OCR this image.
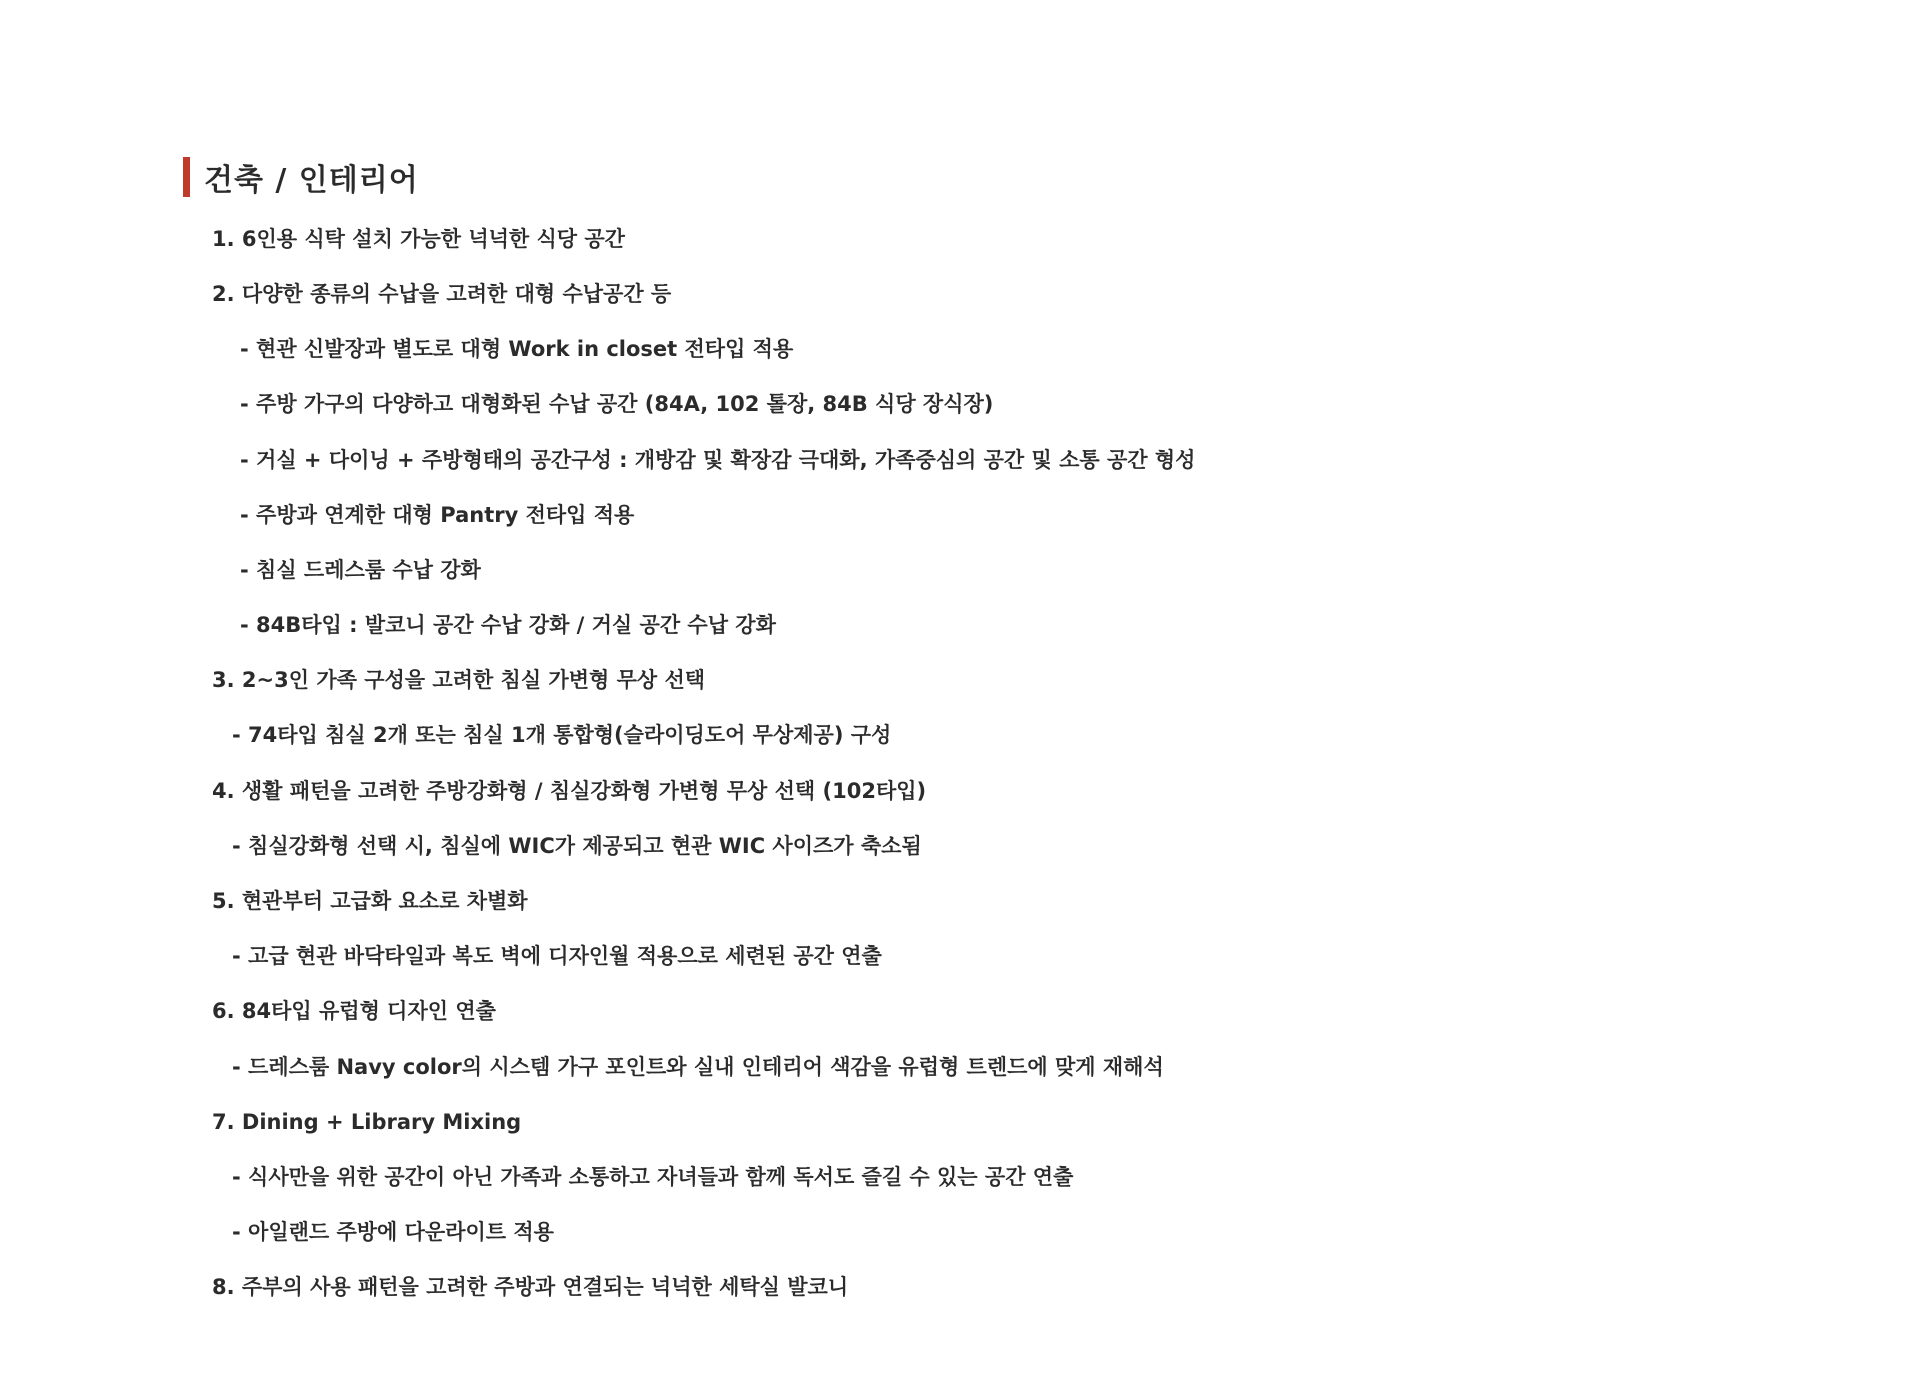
건축 / 인테리어
1. 6인용 식탁 설치 가능한 넉넉한 식당 공간
2. 다양한 종류의 수납을 고려한 대형 수납공간 등
- 현관 신발장과 별도로 대형 Work in closet 전타입 적용
- 주방 가구의 다양하고 대형화된 수납 공간 (84A, 102 톨장, 84B 식당 장식장)
- 거실 + 다이닝 + 주방형태의 공간구성 : 개방감 및 확장감 극대화, 가족중심의 공간 및 소통 공간 형성
- 주방과 연계한 대형 Pantry 전타입 적용
- 침실 드레스룸 수납 강화
- 84B타입 : 발코니 공간 수납 강화 / 거실 공간 수납 강화
3. 2~3인 가족 구성을 고려한 침실 가변형 무상 선택
- 74타입 침실 2개 또는 침실 1개 통합형(슬라이딩도어 무상제공) 구성
4. 생활 패턴을 고려한 주방강화형 / 침실강화형 가변형 무상 선택 (102타입)
- 침실강화형 선택 시, 침실에 WIC가 제공되고 현관 WIC 사이즈가 축소됨
5. 현관부터 고급화 요소로 차별화
- 고급 현관 바닥타일과 복도 벽에 디자인월 적용으로 세련된 공간 연출
6. 84타입 유럽형 디자인 연출
- 드레스룸 Navy color의 시스템 가구 포인트와 실내 인테리어 색감을 유럽형 트렌드에 맞게 재해석
7. Dining + Library Mixing
- 식사만을 위한 공간이 아닌 가족과 소통하고 자녀들과 함께 독서도 즐길 수 있는 공간 연출
- 아일랜드 주방에 다운라이트 적용
8. 주부의 사용 패턴을 고려한 주방과 연결되는 넉넉한 세탁실 발코니
